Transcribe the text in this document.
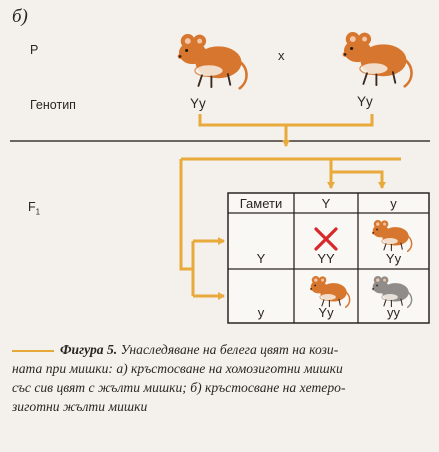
б)
P	x
Генотип	Yy	Yy
$F_1$
Гамети	Y	y
Y	YY	Yy
y	Yy	yy
Фигура 5. Унаследяване на белега цвят на кози-
ната при мишки: а) кръстосване на хомозиготни мишки
със сив цвят с жълти мишки; б) кръстосване на хетеро-
зиготни жълти мишки
